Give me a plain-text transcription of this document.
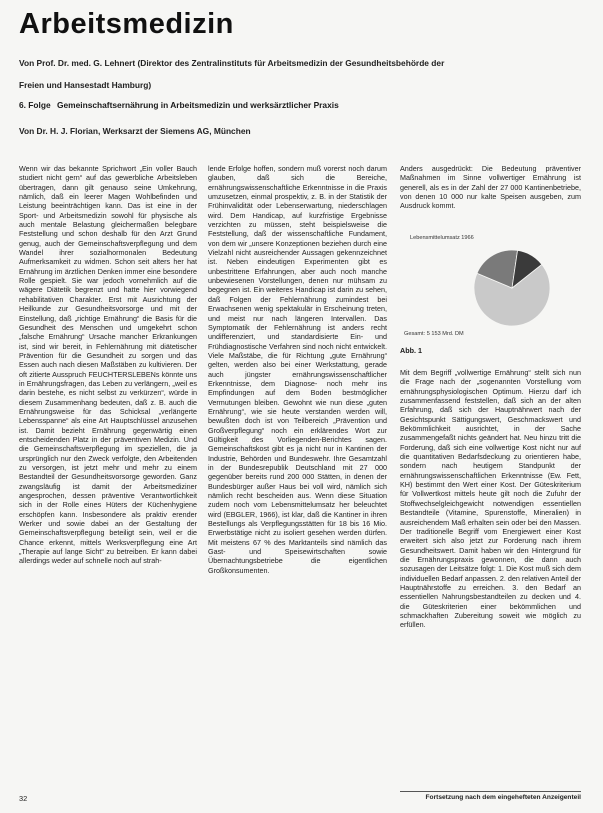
Arbeitsmedizin
Von Prof. Dr. med. G. Lehnert (Direktor des Zentralinstituts für Arbeitsmedizin der Gesundheitsbehörde der
Freien und Hansestadt Hamburg)
6. Folge Gemeinschaftsernährung in Arbeitsmedizin und werksärztlicher Praxis
Von Dr. H. J. Florian, Werksarzt der Siemens AG, München

Wenn wir das bekannte Sprichwort „Ein voller Bauch studiert nicht gern“ auf das gewerbliche Arbeitsleben übertragen, dann gilt genauso seine Umkehrung, nämlich, daß ein leerer Magen Wohlbefinden und Leistung beeinträchtigen kann. Das ist eine in der Sport- und Arbeitsmedizin sowohl für physische als auch mentale Belastung gleichermaßen belegbare Feststellung und schon deshalb für den Arzt Grund genug, auch der Gemeinschaftsverpflegung und dem Wandel ihrer sozialhormonalen Bedeutung Aufmerksamkeit zu widmen. Schon seit alters her hat Ernährung im ärztlichen Denken immer eine besondere Rolle gespielt. Sie war jedoch vornehmlich auf die wägere Diätetik begrenzt und hatte hier vorwiegend rehabilitativen Charakter. Erst mit Ausrichtung der Heilkunde zur Gesundheitsvorsorge und mit der Einstellung, daß „richtige Ernährung“ die Basis für die Gesundheit des Menschen und umgekehrt schon „falsche Ernährung“ Ursache mancher Erkrankungen ist, sind wir bereit, in Fehlernährung mit diätetischer Prävention für die Gesundheit zu sorgen und das Essen auch nach diesen Maßstäben zu kultivieren. Der oft zitierte Ausspruch FEUCHTERSLEBENs könnte uns in Ernährungsfragen, das Leben zu verlängern, „weil es darin bestehe, es nicht selbst zu verkürzen“, würde in diesem Zusammenhang bedeuten, daß z. B. auch die Ernährungsweise für das Schicksal „verlängerte Lebensspanne“ als eine Art Hauptschlüssel anzusehen ist. Damit bezieht Ernährung gegenwärtig einen entscheidenden Platz in der präventiven Medizin. Und die Gemeinschaftsverpflegung im speziellen, die ja ursprünglich nur den Zweck verfolgte, den Arbeitenden zu versorgen, ist jetzt mehr und mehr zu einem Bestandteil der Gesundheitsvorsorge geworden. Ganz zwangsläufig ist damit der Arbeitsmediziner angesprochen, dessen präventive Verantwortlichkeit sich in der Rolle eines Hüters der Küchenhygiene erschöpfen kann. Insbesondere als praktiv erender Werker und sowie dabei an der Gestaltung der Gemeinschaftsverpflegung beteiligt sein, weil er die Chance erkennt, mittels Werksverpflegung eine Art „Therapie auf lange Sicht“ zu betreiben. Er kann dabei allerdings weder auf schnelle noch auf strah-

lende Erfolge hoffen, sondern muß vorerst noch darum glauben, daß sich die Bereiche, ernährungswissenschaftliche Erkenntnisse in die Praxis umzusetzen, einmal prospektiv, z. B. in der Statistik der Frühinvalidität oder Lebenserwartung, niederschlagen wird. Dem Handicap, auf kurzfristige Ergebnisse verzichten zu müssen, steht beispielsweise die Feststellung, daß der wissenschaftliche Fundament, von dem wir „unsere Konzeptionen beziehen durch eine Vielzahl nicht ausreichender Aussagen gekennzeichnet ist. Neben eindeutigen Experimenten gibt es unbestrittene Erfahrungen, aber auch noch manche unbewiesenen Vorstellungen, denen nur mühsam zu begegnen ist. Ein weiteres Handicap ist darin zu sehen, daß Folgen der Fehlernährung zumindest bei Erwachsenen wenig spektakulär in Erscheinung treten, und meist nur nach längeren Intervallen. Das Symptomatik der Fehlernährung ist anders recht undifferenziert, und standardisierte Ein- und Frühdiagnostische Verfahren sind noch nicht entwickelt. Viele Maßstäbe, die für Richtung „gute Ernährung“ gelten, werden also bei einer Werkstattung, gerade auch jüngster ernährungswissenschaftlicher Erkenntnisse, dem Diagnose- noch mehr ins Empfindungen auf dem Boden bestmöglicher Vermutungen bleiben. Gewohnt wie nun diese „guten Ernährung“, wie sie heute verstanden werden will, bewußten doch ist von Teilbereich „Prävention und Großverpflegung“ noch ein erklärendes Wort zur Gültigkeit des Vorliegenden-Berichtes sagen. Gemeinschaftskost gibt es ja nicht nur in Kantinen der Industrie, Behörden und Bundeswehr. Ihre Gesamtzahl in der Bundesrepublik Deutschland mit 27 000 gegenüber bereits rund 200 000 Stätten, in denen der Bundesbürger außer Haus bei voll wird, nämlich sich nämlich recht bescheiden aus. Wenn diese Situation zudem noch vom Lebensmittelumsatz her beleuchtet wird (EBGLER, 1966), ist klar, daß die Kantiner in ihren Bestellungs als Verpflegungsstätten für 18 bis 16 Mio. Erwerbstätige nicht zu isoliert gesehen werden dürfen. Mit meistens 67 % des Marktanteils sind nämlich das Gast- und Speisewirtschaften sowie Übernachtungsbetriebe die eigentlichen Großkonsumenten.

Anders ausgedrückt: Die Bedeutung präventiver Maßnahmen im Sinne vollwertiger Ernährung ist generell, als es in der Zahl der 27 000 Kantinenbetriebe, von denen 10 000 nur kalte Speisen ausgeben, zum Ausdruck kommt.

Lebensmittelumsatz 1966
Gesamt: 5 153 Mrd. DM
Abb. 1

Mit dem Begriff „vollwertige Ernährung“ stellt sich nun die Frage nach der „sogenannten Vorstellung vom ernährungsphysiologischen Optimum. Hierzu darf ich zusammenfassend feststellen, daß sich an der alten Erfahrung, daß sich der Hauptnährwert nach der Gesichtspunkt Sättigungswert, Geschmackswert und Bekömmlichkeit ausrichtet, in der Sache zusammengefaßt nichts geändert hat. Neu hinzu tritt die Forderung, daß sich eine vollwertige Kost nicht nur auf die quantitativen Bedarfsdeckung zu orientieren habe, sondern nach heutigem Standpunkt der ernährungswissenschaftlichen Erkenntnisse (Ew. Fett, KH) bestimmt den Wert einer Kost. Der Güteskriterium für Vollwertkost mittels heute gilt noch die Zufuhr der Stoffwechselgleichgewicht notwendigen essentiellen Bestandteile (Vitamine, Spurenstoffe, Mineralien) in ausreichendem Maß erhalten sein oder bei den Massen. Der traditionelle Begriff vom Energiewert einer Kost erweitert sich also jetzt zur Forderung nach ihrem Gesundheitswert. Damit haben wir den Hintergrund für die Ernährungspraxis gewonnen, die dann auch sozusagen der Leitsätze folgt: 1. Die Kost muß sich dem individuellen Bedarf anpassen. 2. den relativen Anteil der Hauptnährstoffe zu erreichen. 3. den Bedarf an essentiellen Nahrungsbestandteilen zu decken und 4. die Güteskriterien einer bekömmlichen und schmackhaften Zubereitung soweit wie möglich zu erfüllen.

32	Fortsetzung nach dem eingehefteten Anzeigenteil
